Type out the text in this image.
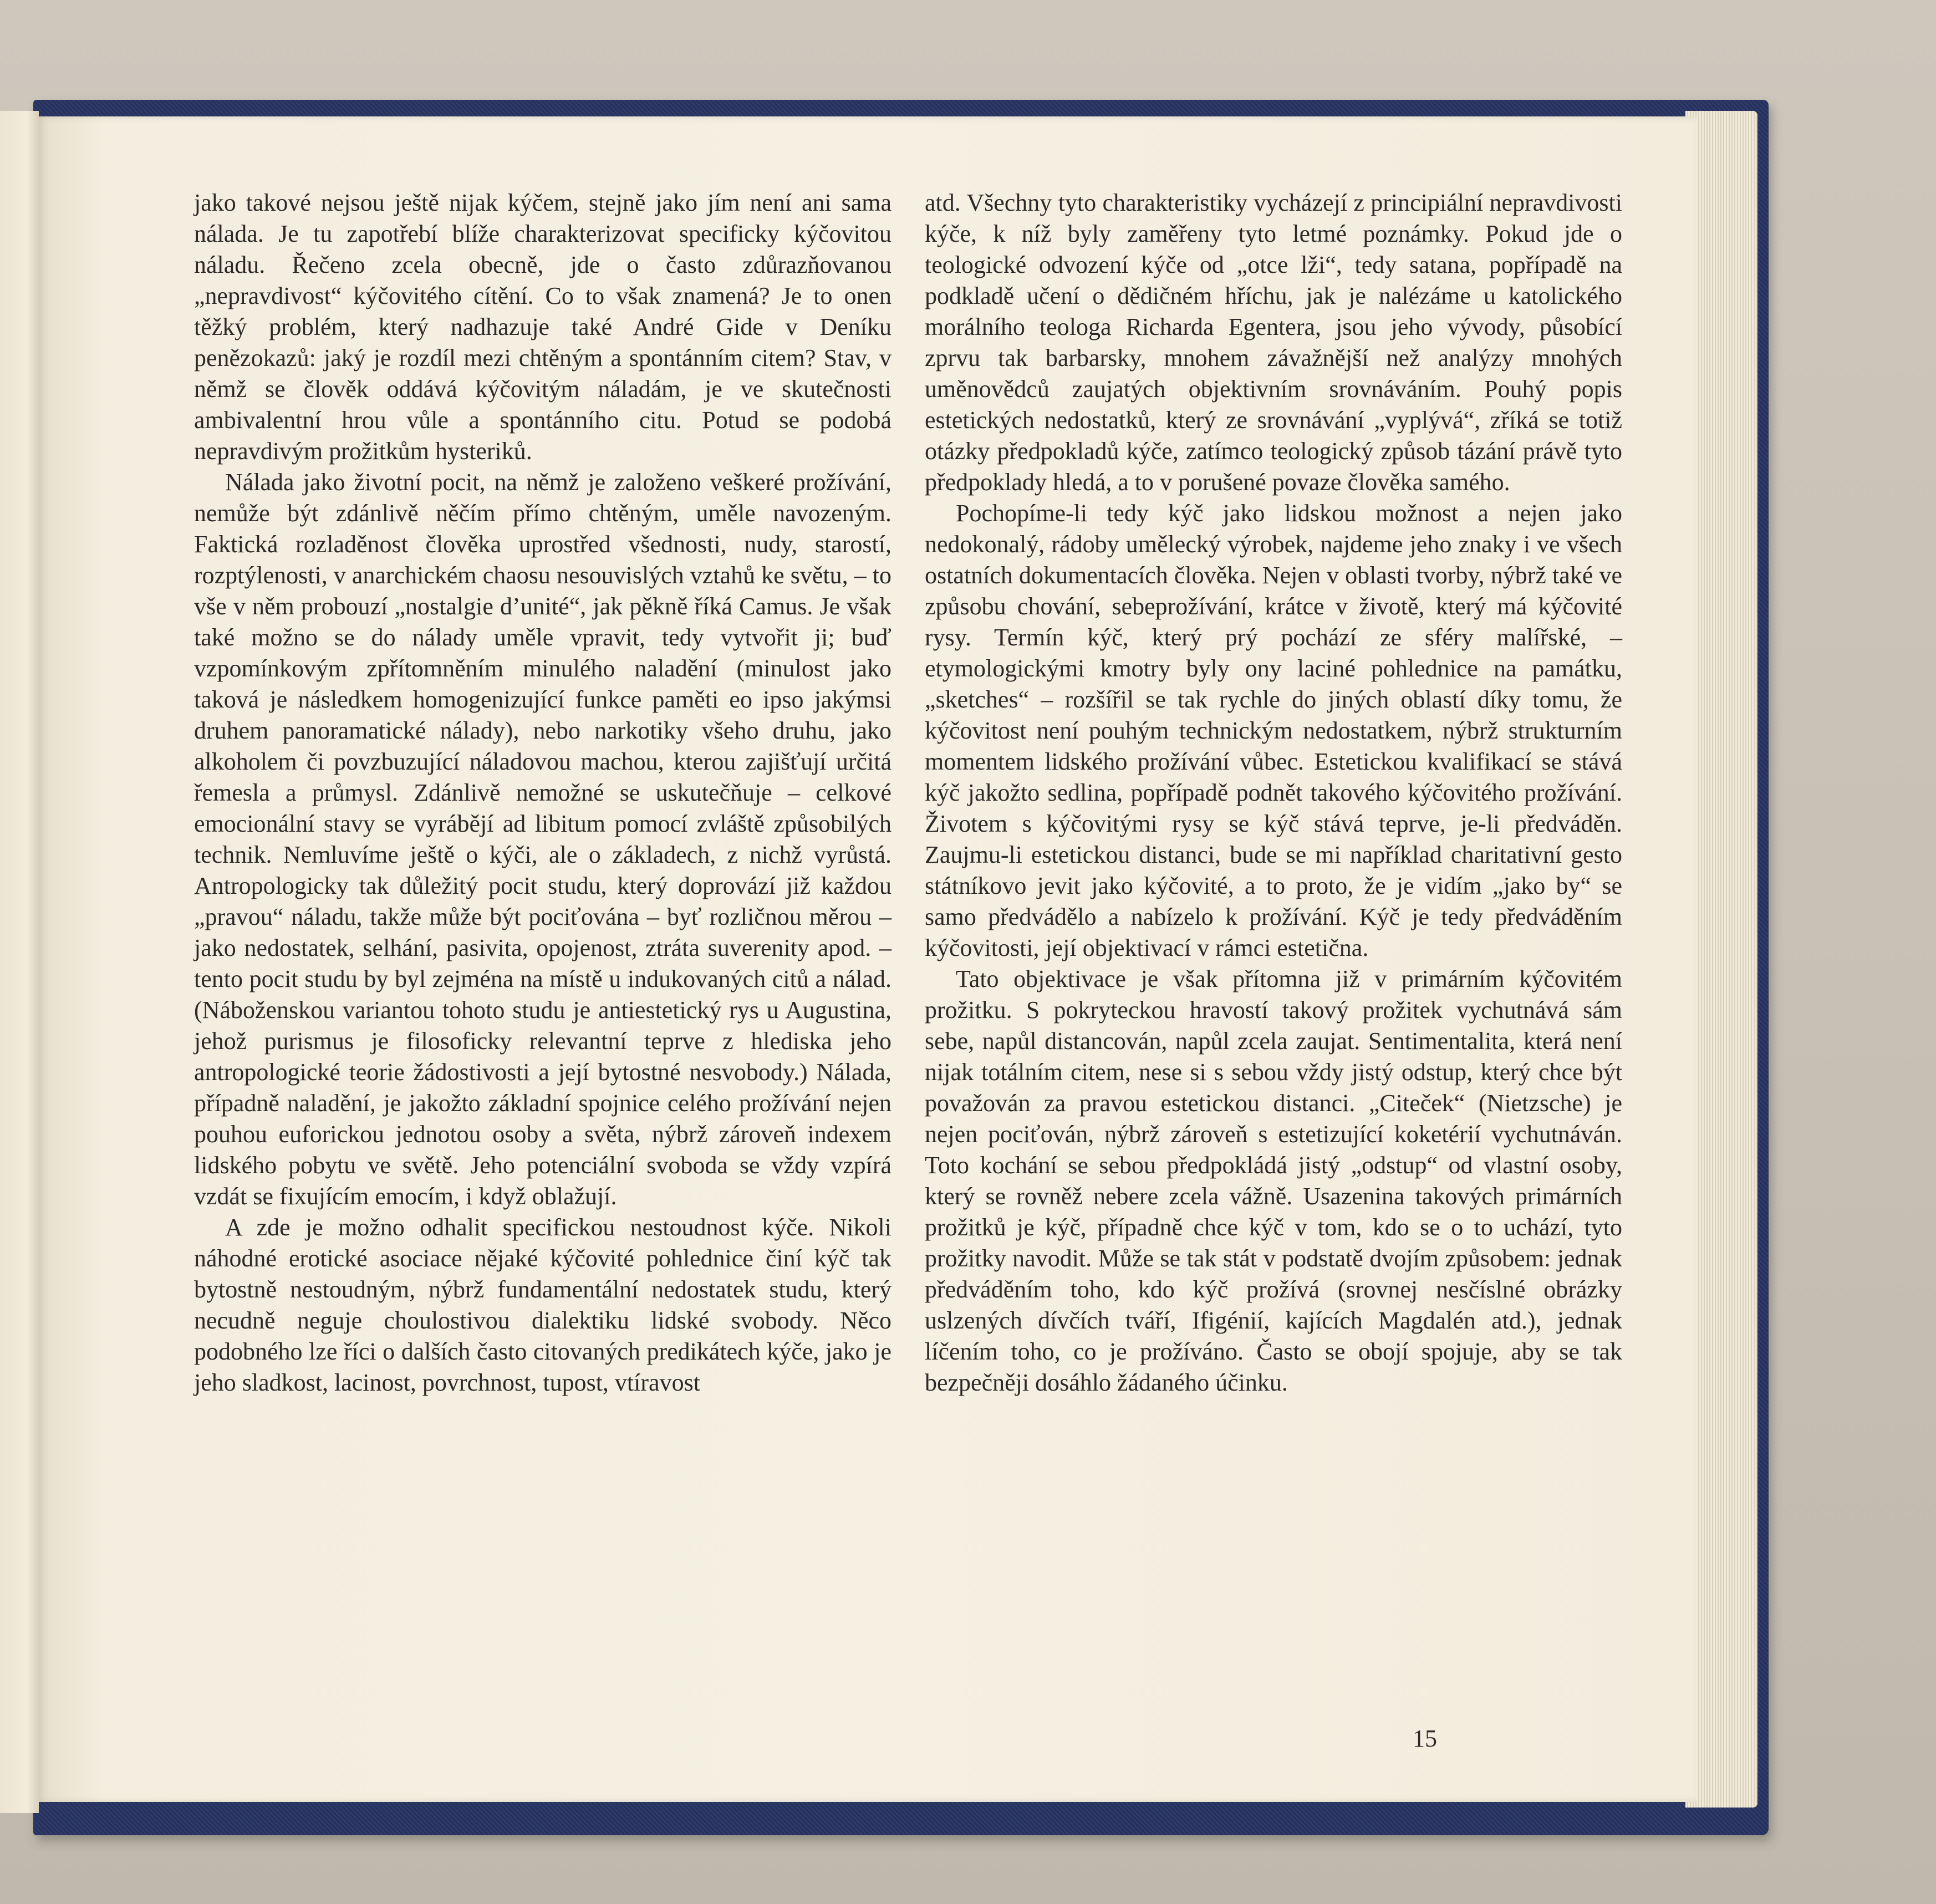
jako takové nejsou ještě nijak kýčem, stejně jako jím není ani sama nálada. Je tu zapotřebí blíže charakterizovat specificky kýčovitou náladu. Řečeno zcela obecně, jde o často zdůrazňovanou „nepravdivost“ kýčovitého cítění. Co to však znamená? Je to onen těžký problém, který nadhazuje také André Gide v Deníku penězokazů: jaký je rozdíl mezi chtěným a spontánním citem? Stav, v němž se člověk oddává kýčovitým náladám, je ve skutečnosti ambivalentní hrou vůle a spontánního citu. Potud se podobá nepravdivým prožitkům hysteriků.

Nálada jako životní pocit, na němž je založeno veškeré prožívání, nemůže být zdánlivě něčím přímo chtěným, uměle navozeným. Faktická rozladěnost člověka uprostřed všednosti, nudy, starostí, rozptýlenosti, v anarchickém chaosu nesouvislých vztahů ke světu, – to vše v něm probouzí „nostalgie d’unité“, jak pěkně říká Camus. Je však také možno se do nálady uměle vpravit, tedy vytvořit ji; buď vzpomínkovým zpřítomněním minulého naladění (minulost jako taková je následkem homogenizující funkce paměti eo ipso jakýmsi druhem panoramatické nálady), nebo narkotiky všeho druhu, jako alkoholem či povzbuzující náladovou machou, kterou zajišťují určitá řemesla a průmysl. Zdánlivě nemožné se uskutečňuje – celkové emocionální stavy se vyrábějí ad libitum pomocí zvláště způsobilých technik. Nemluvíme ještě o kýči, ale o základech, z nichž vyrůstá. Antropologicky tak důležitý pocit studu, který doprovází již každou „pravou“ náladu, takže může být pociťována – byť rozličnou měrou – jako nedostatek, selhání, pasivita, opojenost, ztráta suverenity apod. – tento pocit studu by byl zejména na místě u indukovaných citů a nálad. (Náboženskou variantou tohoto studu je antiestetický rys u Augustina, jehož purismus je filosoficky relevantní teprve z hlediska jeho antropologické teorie žádostivosti a její bytostné nesvobody.) Nálada, případně naladění, je jakožto základní spojnice celého prožívání nejen pouhou euforickou jednotou osoby a světa, nýbrž zároveň indexem lidského pobytu ve světě. Jeho potenciální svoboda se vždy vzpírá vzdát se fixujícím emocím, i když oblažují.

A zde je možno odhalit specifickou nestoudnost kýče. Nikoli náhodné erotické asociace nějaké kýčovité pohlednice činí kýč tak bytostně nestoudným, nýbrž fundamentální nedostatek studu, který necudně neguje choulostivou dialektiku lidské svobody. Něco podobného lze říci o dalších často citovaných predikátech kýče, jako je jeho sladkost, lacinost, povrchnost, tupost, vtíravost

atd. Všechny tyto charakteristiky vycházejí z principiální nepravdivosti kýče, k níž byly zaměřeny tyto letmé poznámky. Pokud jde o teologické odvození kýče od „otce lži“, tedy satana, popřípadě na podkladě učení o dědičném hříchu, jak je nalézáme u katolického morálního teologa Richarda Egentera, jsou jeho vývody, působící zprvu tak barbarsky, mnohem závažnější než analýzy mnohých uměnovědců zaujatých objektivním srovnáváním. Pouhý popis estetických nedostatků, který ze srovnávání „vyplývá“, zříká se totiž otázky předpokladů kýče, zatímco teologický způsob tázání právě tyto předpoklady hledá, a to v porušené povaze člověka samého.

Pochopíme-li tedy kýč jako lidskou možnost a nejen jako nedokonalý, rádoby umělecký výrobek, najdeme jeho znaky i ve všech ostatních dokumentacích člověka. Nejen v oblasti tvorby, nýbrž také ve způsobu chování, sebeprožívání, krátce v životě, který má kýčovité rysy. Termín kýč, který prý pochází ze sféry malířské, – etymologickými kmotry byly ony laciné pohlednice na památku, „sketches“ – rozšířil se tak rychle do jiných oblastí díky tomu, že kýčovitost není pouhým technickým nedostatkem, nýbrž strukturním momentem lidského prožívání vůbec. Estetickou kvalifikací se stává kýč jakožto sedlina, popřípadě podnět takového kýčovitého prožívání. Životem s kýčovitými rysy se kýč stává teprve, je-li předváděn. Zaujmu-li estetickou distanci, bude se mi například charitativní gesto státníkovo jevit jako kýčovité, a to proto, že je vidím „jako by“ se samo předvádělo a nabízelo k prožívání. Kýč je tedy předváděním kýčovitosti, její objektivací v rámci estetična.

Tato objektivace je však přítomna již v primárním kýčovitém prožitku. S pokryteckou hravostí takový prožitek vychutnává sám sebe, napůl distancován, napůl zcela zaujat. Sentimentalita, která není nijak totálním citem, nese si s sebou vždy jistý odstup, který chce být považován za pravou estetickou distanci. „Citeček“ (Nietzsche) je nejen pociťován, nýbrž zároveň s estetizující koketérií vychutnáván. Toto kochání se sebou předpokládá jistý „odstup“ od vlastní osoby, který se rovněž nebere zcela vážně. Usazenina takových primárních prožitků je kýč, případně chce kýč v tom, kdo se o to uchází, tyto prožitky navodit. Může se tak stát v podstatě dvojím způsobem: jednak předváděním toho, kdo kýč prožívá (srovnej nesčíslné obrázky uslzených dívčích tváří, Ifigénií, kajících Magdalén atd.), jednak líčením toho, co je prožíváno. Často se obojí spojuje, aby se tak bezpečněji dosáhlo žádaného účinku.

15
